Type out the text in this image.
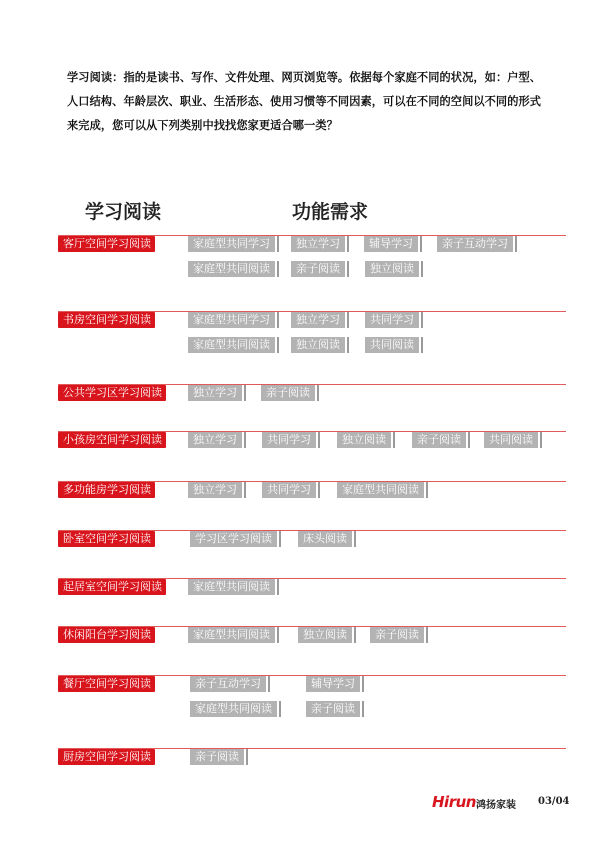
学习阅读：指的是读书、写作、文件处理、网页浏览等。依据每个家庭不同的状况，如：户型、人口结构、年龄层次、职业、生活形态、使用习惯等不同因素，可以在不同的空间以不同的形式来完成，您可以从下列类别中找找您家更适合哪一类？
学习阅读	功能需求
客厅空间学习阅读	家庭型共同学习	独立学习	辅导学习	亲子互动学习
家庭型共同阅读	亲子阅读	独立阅读
书房空间学习阅读	家庭型共同学习	独立学习	共同学习
家庭型共同阅读	独立阅读	共同阅读
公共学习区学习阅读	独立学习	亲子阅读
小孩房空间学习阅读	独立学习	共同学习	独立阅读	亲子阅读	共同阅读
多功能房学习阅读	独立学习	共同学习	家庭型共同阅读
卧室空间学习阅读	学习区学习阅读	床头阅读
起居室空间学习阅读	家庭型共同阅读
休闲阳台学习阅读	家庭型共同阅读	独立阅读	亲子阅读
餐厅空间学习阅读	亲子互动学习	辅导学习
家庭型共同阅读	亲子阅读
厨房空间学习阅读	亲子阅读
Hirun 鸿扬家装 03/04
